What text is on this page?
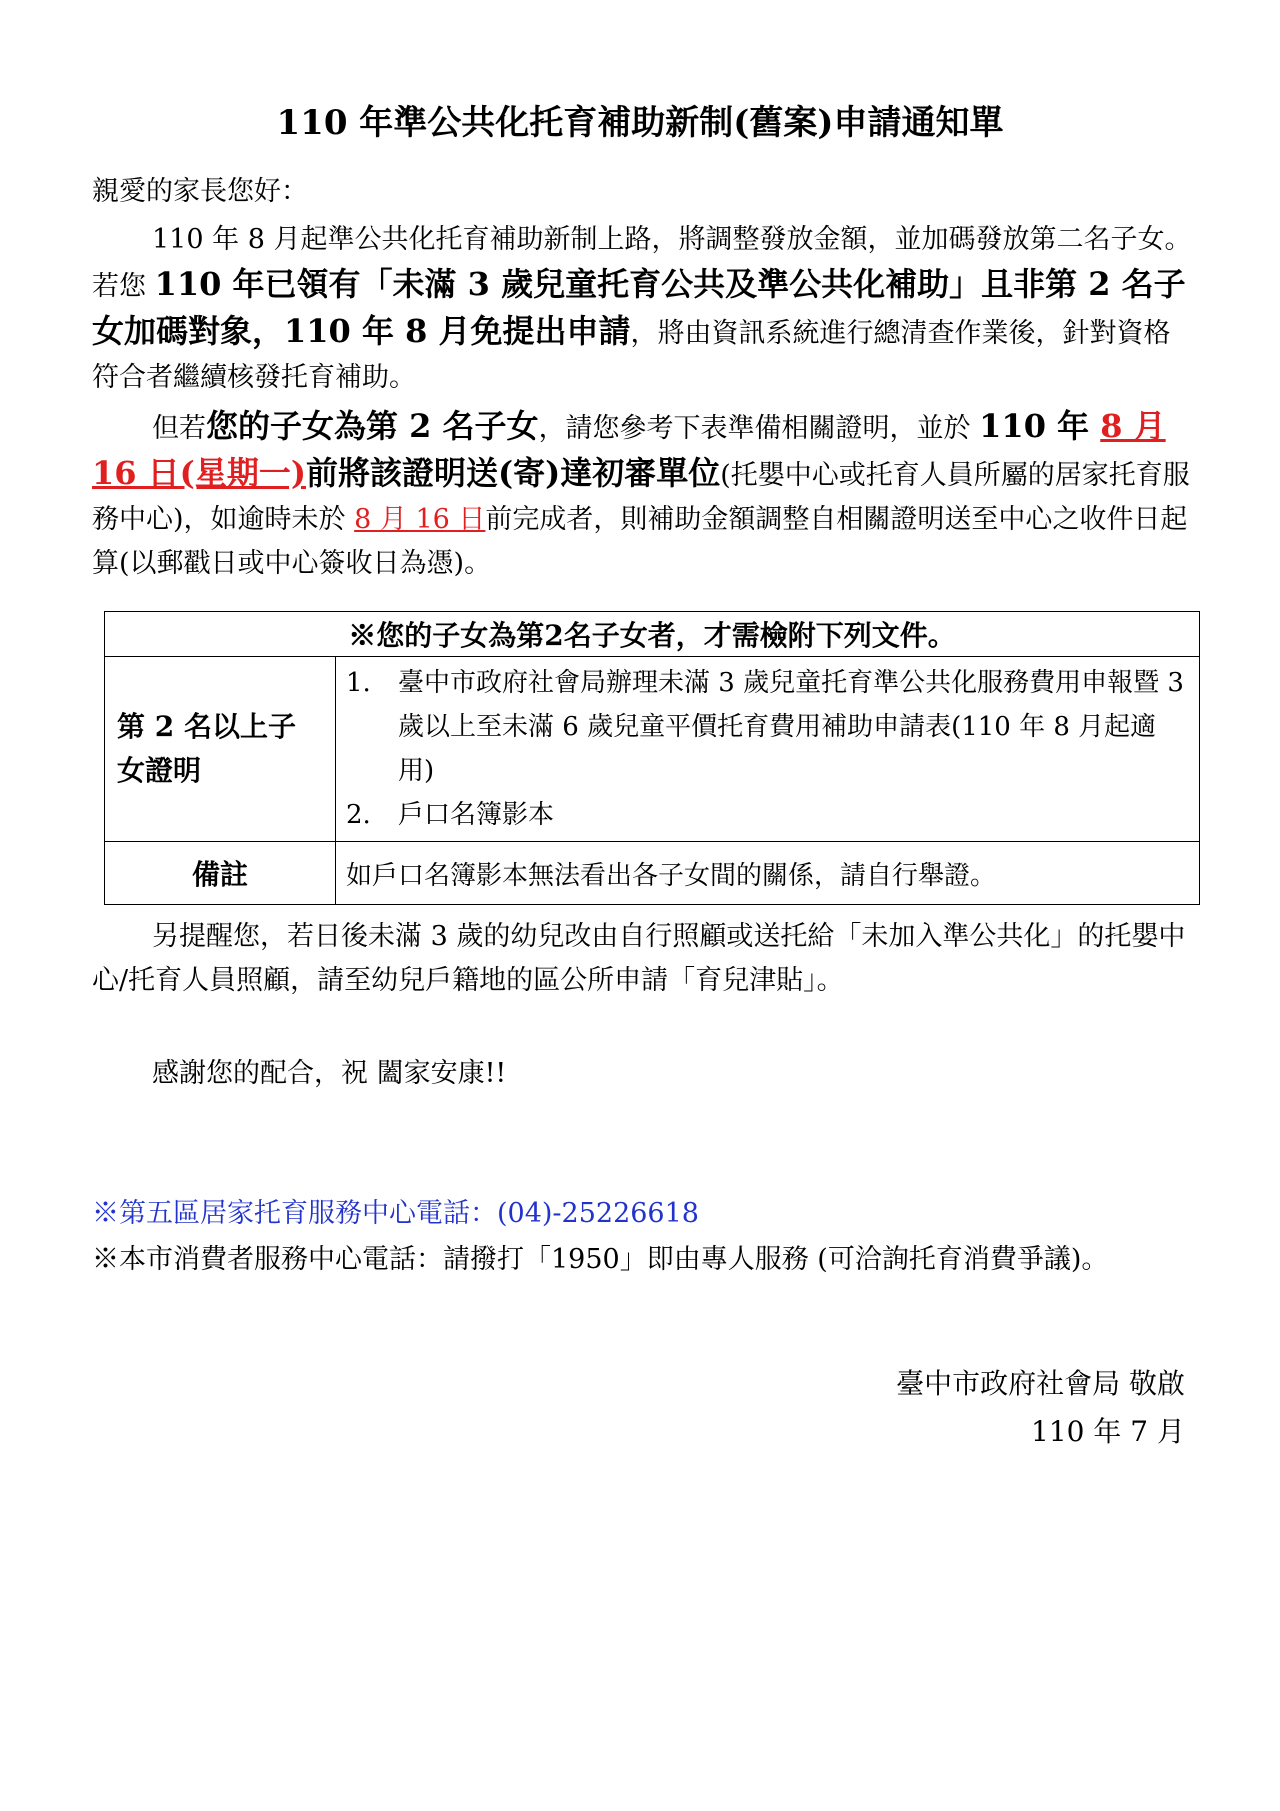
110 年準公共化托育補助新制(舊案)申請通知單
親愛的家長您好：
110 年 8 月起準公共化托育補助新制上路，將調整發放金額，並加碼發放第二名子女。若您 110 年已領有「未滿 3 歲兒童托育公共及準公共化補助」且非第 2 名子女加碼對象，110 年 8 月免提出申請，將由資訊系統進行總清查作業後，針對資格符合者繼續核發托育補助。
但若您的子女為第 2 名子女，請您參考下表準備相關證明，並於 110 年 8 月 16 日(星期一)前將該證明送(寄)達初審單位(托嬰中心或托育人員所屬的居家托育服務中心)，如逾時未於 8 月 16 日前完成者，則補助金額調整自相關證明送至中心之收件日起算(以郵戳日或中心簽收日為憑)。
※您的子女為第2名子女者，才需檢附下列文件。	
第 2 名以上子女證明	1. 臺中市政府社會局辦理未滿 3 歲兒童托育準公共化服務費用申報暨 3 歲以上至未滿 6 歲兒童平價托育費用補助申請表(110 年 8 月起適用)
2. 戶口名簿影本

備註	如戶口名簿影本無法看出各子女間的關係，請自行舉證。
另提醒您，若日後未滿 3 歲的幼兒改由自行照顧或送托給「未加入準公共化」的托嬰中心/托育人員照顧，請至幼兒戶籍地的區公所申請「育兒津貼」。
感謝您的配合，祝 闔家安康!!
※第五區居家托育服務中心電話：(04)-25226618
※本市消費者服務中心電話：請撥打「1950」即由專人服務 (可洽詢托育消費爭議)。
臺中市政府社會局 敬啟
110 年 7 月
